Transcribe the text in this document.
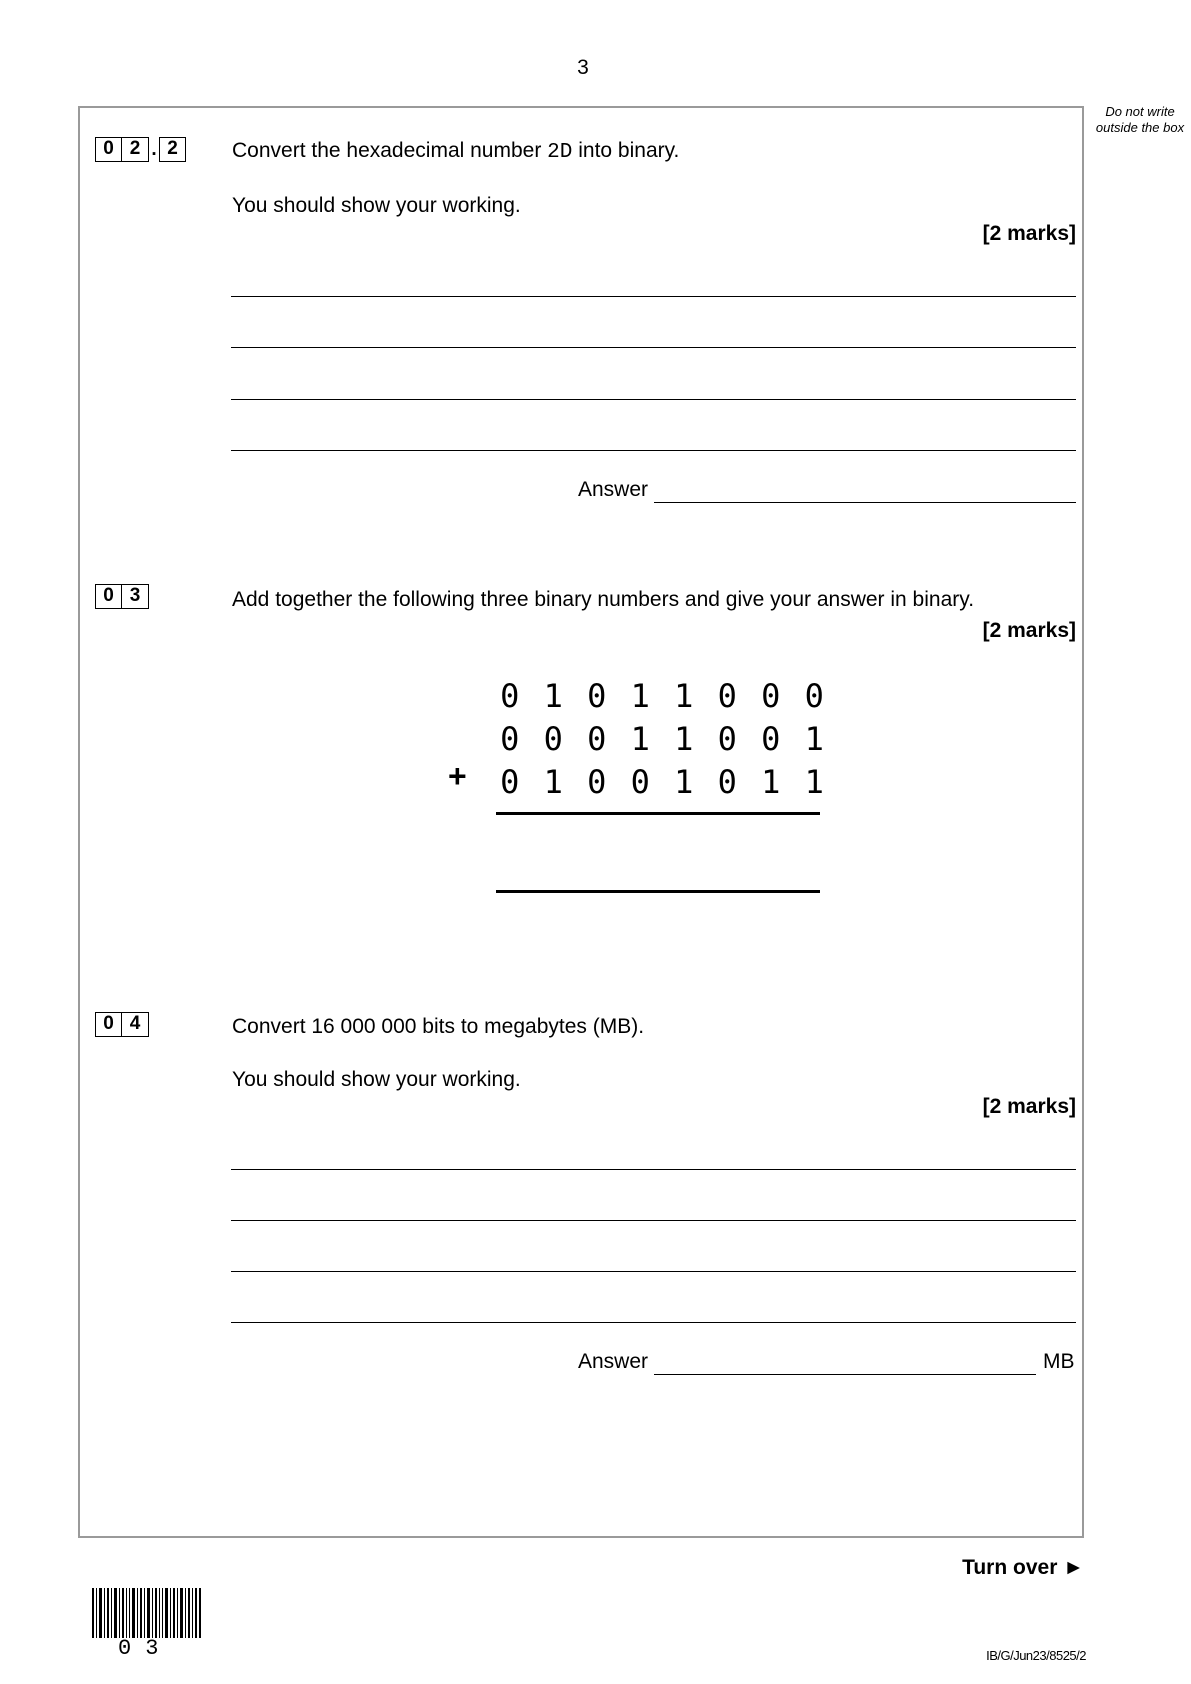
3
Do not write outside the box
0 2 . 2	Convert the hexadecimal number 2D into binary.
You should show your working.
[2 marks]
Answer
0 3	Add together the following three binary numbers and give your answer in binary.
[2 marks]
0 1 0 1 1 0 0 0
0 0 0 1 1 0 0 1
+	0 1 0 0 1 0 1 1
0 4	Convert 16 000 000 bits to megabytes (MB).
You should show your working.
[2 marks]
Answer	MB
Turn over ►
03	IB/G/Jun23/8525/2
